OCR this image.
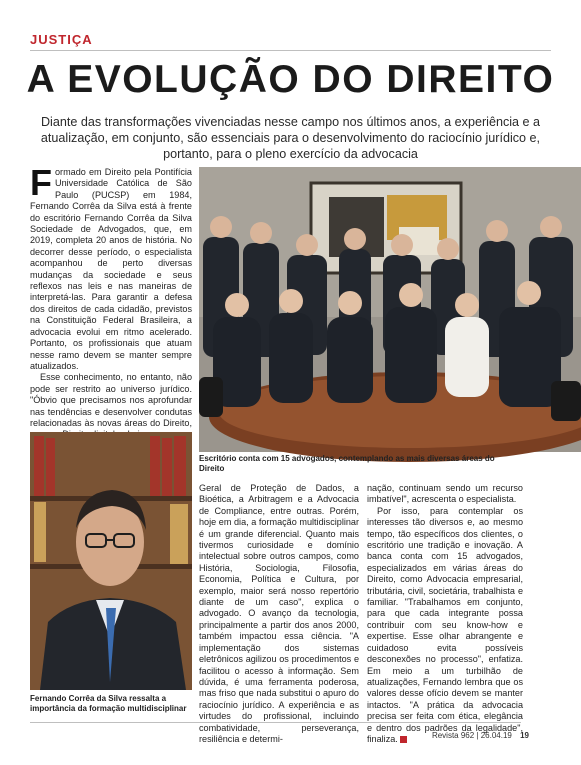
JUSTIÇA
A EVOLUÇÃO DO DIREITO
Diante das transformações vivenciadas nesse campo nos últimos anos, a experiência e a atualização, em conjunto, são essenciais para o desenvolvimento do raciocínio jurídico e, portanto, para o pleno exercício da advocacia

Formado em Direito pela Pontifícia Universidade Católica de São Paulo (PUCSP) em 1984, Fernando Corrêa da Silva está à frente do escritório Fernando Corrêa da Silva Sociedade de Advogados, que, em 2019, completa 20 anos de história. No decorrer desse período, o especialista acompanhou de perto diversas mudanças da sociedade e seus reflexos nas leis e nas maneiras de interpretá-las. Para garantir a defesa dos direitos de cada cidadão, previstos na Constituição Federal Brasileira, a advocacia evolui em ritmo acelerado. Portanto, os profissionais que atuam nesse ramo devem se manter sempre atualizados.

Esse conhecimento, no entanto, não pode ser restrito ao universo jurídico. "Óbvio que precisamos nos aprofundar nas tendências e desenvolver condutas relacionadas às novas áreas do Direito,

Escritório conta com 15 advogados, contemplando as mais diversas áreas do Direito
Fernando Corrêa da Silva ressalta a importância da formação multidisciplinar

Geral de Proteção de Dados, a Bioética, a Arbitragem e a Advocacia de Compliance, entre outras. Porém, hoje em dia, a formação multidisciplinar é um grande diferencial. Quanto mais tivermos curiosidade e domínio intelectual sobre outros campos, como História, Sociologia, Filosofia, Economia, Política e Cultura, por exemplo, maior será nosso repertório diante de um caso", explica o advogado. O avanço da tecnologia, principalmente a partir dos anos 2000, também impactou essa ciência. "A implementação dos sistemas eletrônicos agilizou os procedimentos e facilitou o acesso à informação. Sem dúvida, é uma ferramenta poderosa, mas friso que nada substitui o apuro do raciocínio jurídico. A experiência e as virtudes do profissional, incluindo combatividade, perseverança, resiliência e determi-

nação, continuam sendo um recurso imbatível", acrescenta o especialista.

Por isso, para contemplar os interesses tão diversos e, ao mesmo tempo, tão específicos dos clientes, o escritório une tradição e inovação. A banca conta com 15 advogados, especializados em várias áreas do Direito, como Advocacia empresarial, tributária, civil, societária, trabalhista e familiar. "Trabalhamos em conjunto, para que cada integrante possa contribuir com seu know-how e expertise. Esse olhar abrangente e cuidadoso evita possíveis desconexões no processo", enfatiza. Em meio a um turbilhão de atualizações, Fernando lembra que os valores desse ofício devem se manter intactos. "A prática da advocacia precisa ser feita com ética, elegância e dentro dos padrões da legalidade", finaliza.	Revista 962 | 26.04.19 19
